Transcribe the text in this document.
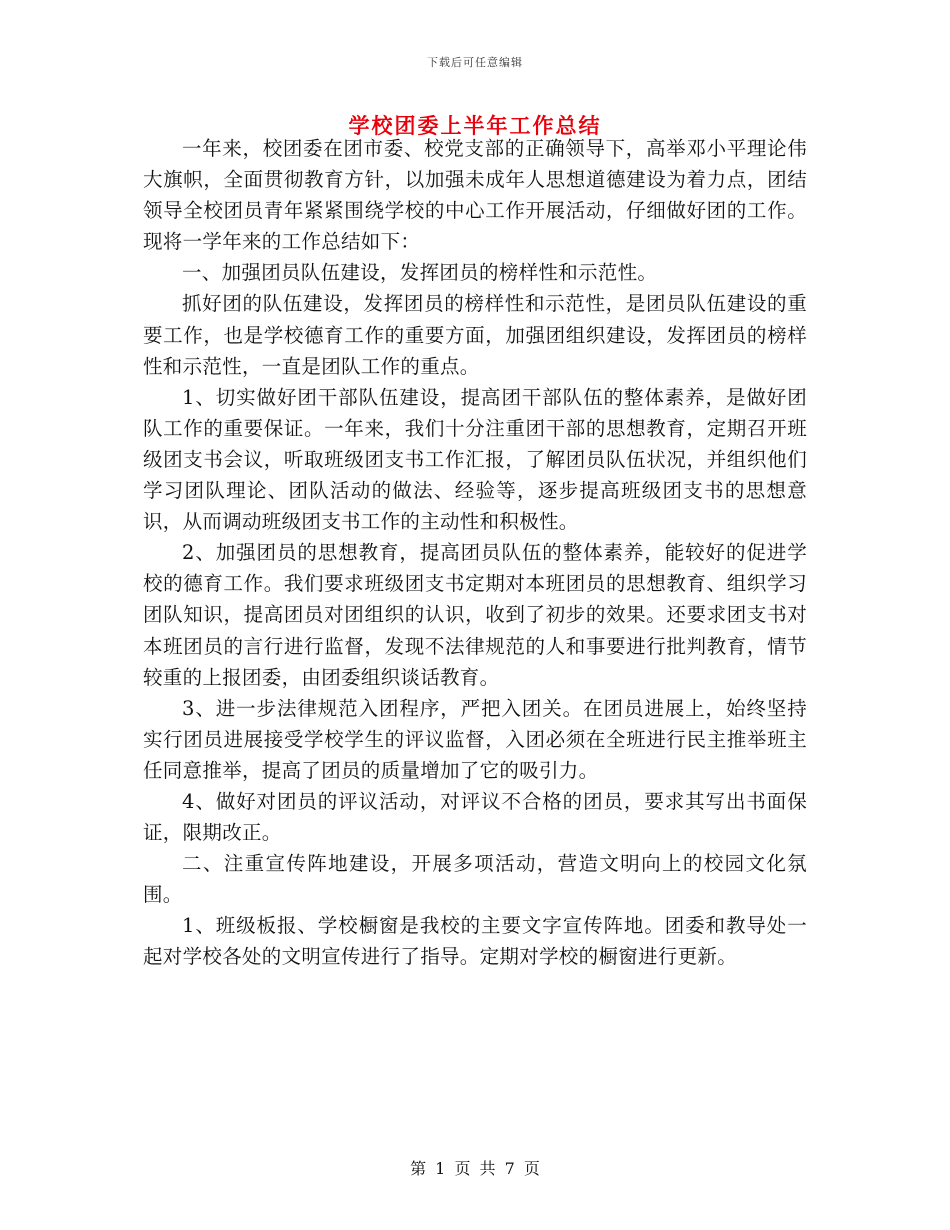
下载后可任意编辑
学校团委上半年工作总结

一年来，校团委在团市委、校党支部的正确领导下，高举邓小平理论伟大旗帜，全面贯彻教育方针，以加强未成年人思想道德建设为着力点，团结领导全校团员青年紧紧围绕学校的中心工作开展活动，仔细做好团的工作。现将一学年来的工作总结如下：

一、加强团员队伍建设，发挥团员的榜样性和示范性。

抓好团的队伍建设，发挥团员的榜样性和示范性，是团员队伍建设的重要工作，也是学校德育工作的重要方面，加强团组织建设，发挥团员的榜样性和示范性，一直是团队工作的重点。

1、切实做好团干部队伍建设，提高团干部队伍的整体素养，是做好团队工作的重要保证。一年来，我们十分注重团干部的思想教育，定期召开班级团支书会议，听取班级团支书工作汇报，了解团员队伍状况，并组织他们学习团队理论、团队活动的做法、经验等，逐步提高班级团支书的思想意识，从而调动班级团支书工作的主动性和积极性。

2、加强团员的思想教育，提高团员队伍的整体素养，能较好的促进学校的德育工作。我们要求班级团支书定期对本班团员的思想教育、组织学习团队知识，提高团员对团组织的认识，收到了初步的效果。还要求团支书对本班团员的言行进行监督，发现不法律规范的人和事要进行批判教育，情节较重的上报团委，由团委组织谈话教育。

3、进一步法律规范入团程序，严把入团关。在团员进展上，始终坚持实行团员进展接受学校学生的评议监督，入团必须在全班进行民主推举班主任同意推举，提高了团员的质量增加了它的吸引力。

4、做好对团员的评议活动，对评议不合格的团员，要求其写出书面保证，限期改正。

二、注重宣传阵地建设，开展多项活动，营造文明向上的校园文化氛围。

1、班级板报、学校橱窗是我校的主要文字宣传阵地。团委和教导处一起对学校各处的文明宣传进行了指导。定期对学校的橱窗进行更新。

第 1 页 共 7 页
